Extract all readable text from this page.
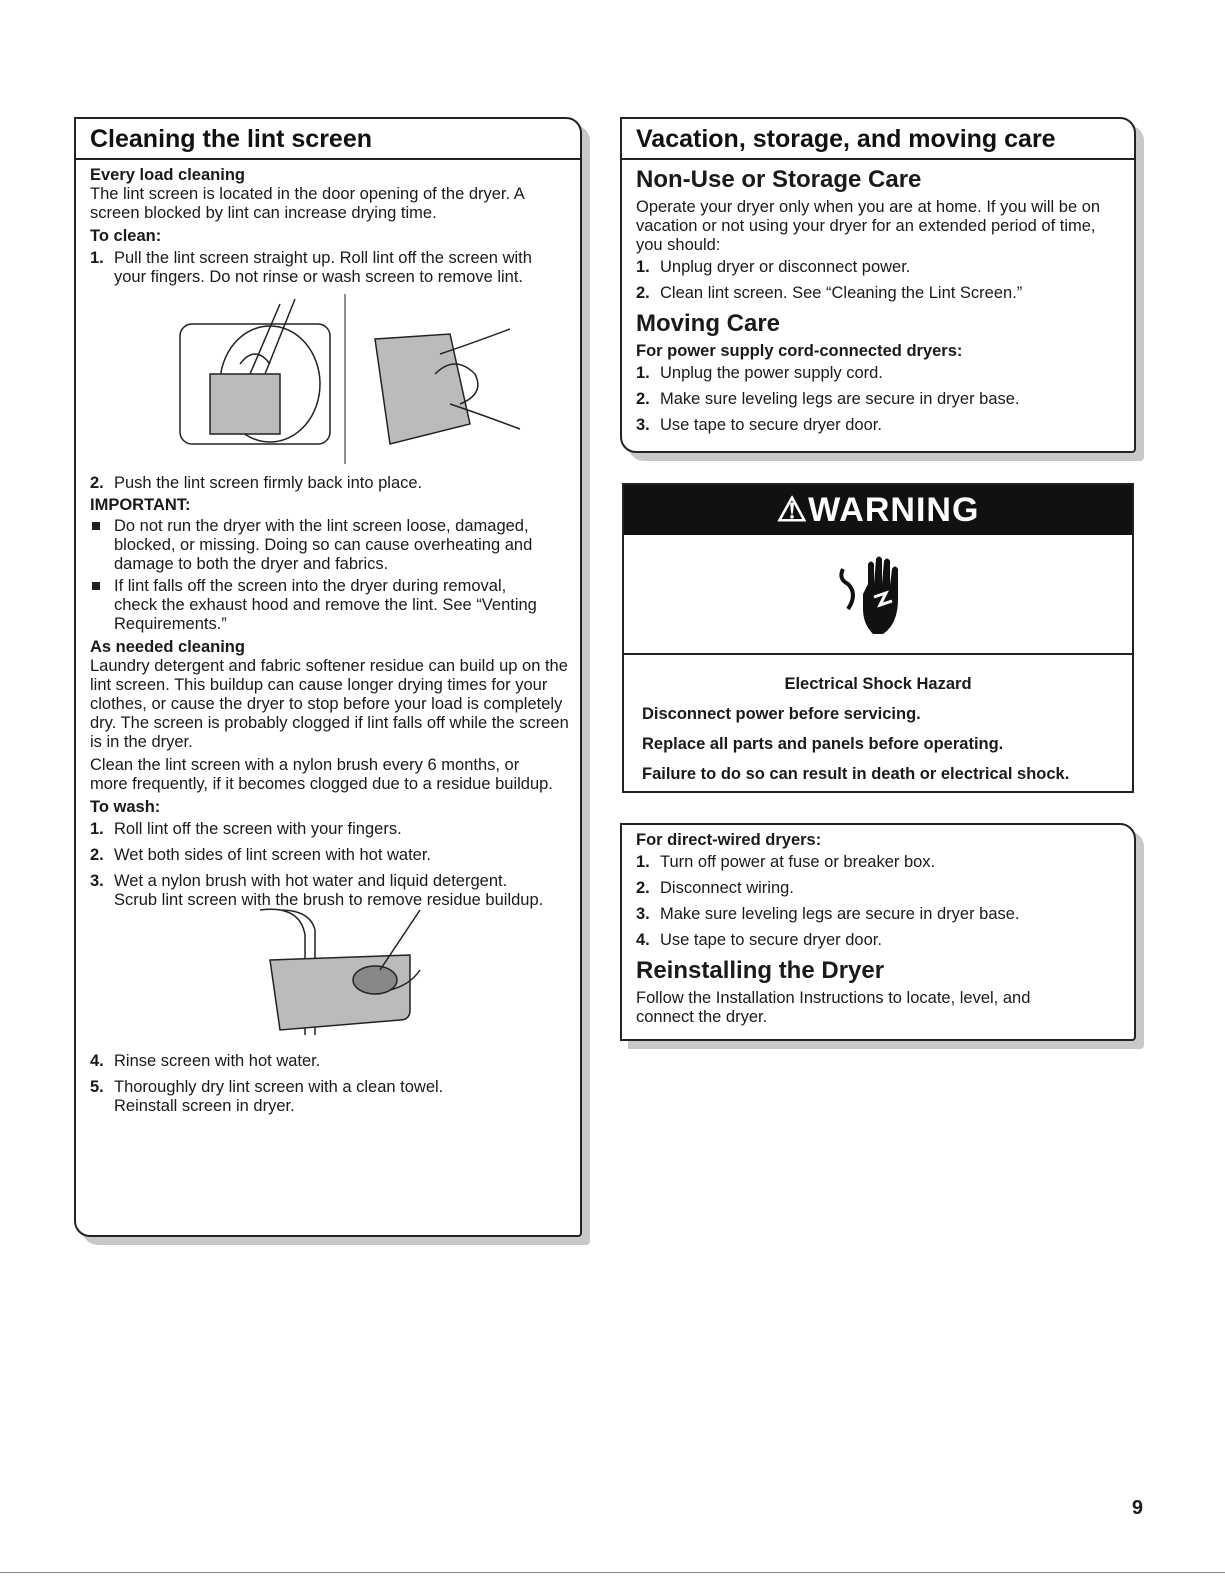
Cleaning the lint screen
Every load cleaning

The lint screen is located in the door opening of the dryer. A screen blocked by lint can increase drying time.

To clean:
1. Pull the lint screen straight up. Roll lint off the screen with your fingers. Do not rinse or wash screen to remove lint.
2. Push the lint screen firmly back into place.
IMPORTANT:
Do not run the dryer with the lint screen loose, damaged, blocked, or missing. Doing so can cause overheating and damage to both the dryer and fabrics.
If lint falls off the screen into the dryer during removal, check the exhaust hood and remove the lint. See “Venting Requirements.”
As needed cleaning

Laundry detergent and fabric softener residue can build up on the lint screen. This buildup can cause longer drying times for your clothes, or cause the dryer to stop before your load is completely dry. The screen is probably clogged if lint falls off while the screen is in the dryer.

Clean the lint screen with a nylon brush every 6 months, or more frequently, if it becomes clogged due to a residue buildup.

To wash:
1. Roll lint off the screen with your fingers.
2. Wet both sides of lint screen with hot water.
3. Wet a nylon brush with hot water and liquid detergent. Scrub lint screen with the brush to remove residue buildup.
4. Rinse screen with hot water.
5. Thoroughly dry lint screen with a clean towel. Reinstall screen in dryer.
Vacation, storage, and moving care
Non-Use or Storage Care

Operate your dryer only when you are at home. If you will be on vacation or not using your dryer for an extended period of time, you should:

1. Unplug dryer or disconnect power.
2. Clean lint screen. See “Cleaning the Lint Screen.”
Moving Care
For power supply cord-connected dryers:
1. Unplug the power supply cord.
2. Make sure leveling legs are secure in dryer base.
3. Use tape to secure dryer door.
⚠WARNING
Electrical Shock Hazard
Disconnect power before servicing.
Replace all parts and panels before operating.
Failure to do so can result in death or electrical shock.
For direct-wired dryers:
1. Turn off power at fuse or breaker box.
2. Disconnect wiring.
3. Make sure leveling legs are secure in dryer base.
4. Use tape to secure dryer door.
Reinstalling the Dryer

Follow the Installation Instructions to locate, level, and connect the dryer.

9
